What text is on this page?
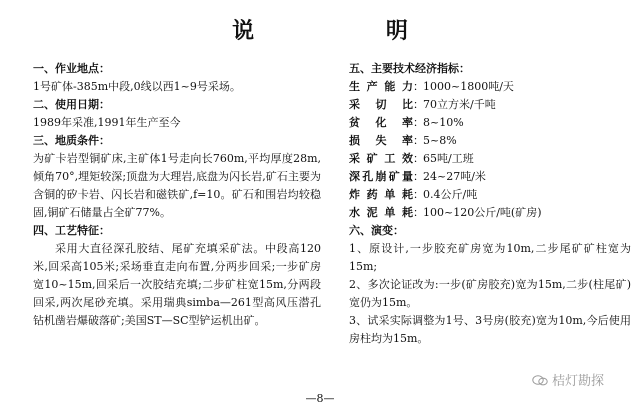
说 明
一、作业地点：
1号矿体-385m中段,0线以西1~9号采场。
二、使用日期：
1989年采准,1991年生产至今
三、地质条件：
为矿卡岩型铜矿床,主矿体1号走向长760m,平均厚度28m,倾角70°,埋矩较深;顶盘为大理岩,底盘为闪长岩,矿石主要为含铜的矽卡岩、闪长岩和磁铁矿,f=10。矿石和围岩均较稳固,铜矿石储量占全矿77%。
四、工艺特征：
采用大直径深孔胶结、尾矿充填采矿法。中段高120米,回采高105米;采场垂直走向布置,分两步回采;一步矿房宽10~15m,回采后一次胶结充填;二步矿柱宽15m,分两段回采,两次尾砂充填。采用瑞典simba—261型高风压潜孔钻机凿岩爆破落矿;美国ST—SC型铲运机出矿。
五、主要技术经济指标：
生产能力 ： 1000~1800吨/天
采切比 ： 70立方米/千吨
贫化率 ： 8~10%
损失率 ： 5~8%
采矿工效 ： 65吨/工班
深孔崩矿量 ： 24~27吨/米
炸药单耗 ： 0.4公斤/吨
水泥单耗 ： 100~120公斤/吨(矿房)
六、演变：
1、原设计,一步胶充矿房宽为10m,二步尾矿矿柱宽为15m;
2、多次论证改为:一步(矿房胶充)宽为15m,二步(柱尾矿)宽仍为15m。
3、试采实际调整为1号、3号房(胶充)宽为10m,今后使用房柱均为15m。
桔灯勘探
—8—
